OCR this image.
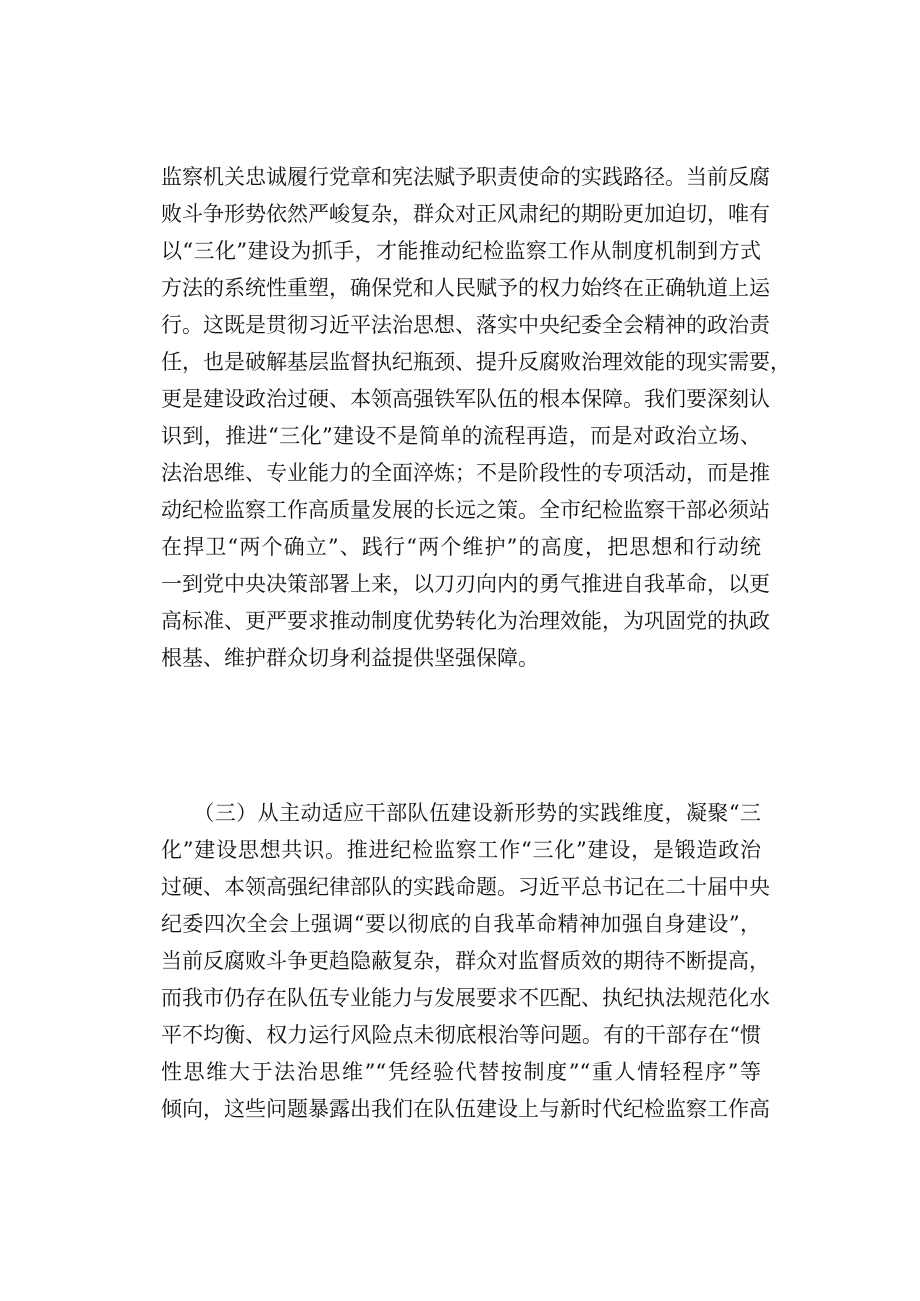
监察机关忠诚履行党章和宪法赋予职责使命的实践路径。当前反腐
败斗争形势依然严峻复杂，群众对正风肃纪的期盼更加迫切，唯有
以“三化”建设为抓手，才能推动纪检监察工作从制度机制到方式
方法的系统性重塑，确保党和人民赋予的权力始终在正确轨道上运
行。这既是贯彻习近平法治思想、落实中央纪委全会精神的政治责
任，也是破解基层监督执纪瓶颈、提升反腐败治理效能的现实需要，
更是建设政治过硬、本领高强铁军队伍的根本保障。我们要深刻认
识到，推进“三化”建设不是简单的流程再造，而是对政治立场、
法治思维、专业能力的全面淬炼；不是阶段性的专项活动，而是推
动纪检监察工作高质量发展的长远之策。全市纪检监察干部必须站
在捍卫“两个确立”、践行“两个维护”的高度，把思想和行动统
一到党中央决策部署上来，以刀刃向内的勇气推进自我革命，以更
高标准、更严要求推动制度优势转化为治理效能，为巩固党的执政
根基、维护群众切身利益提供坚强保障。
　　（三）从主动适应干部队伍建设新形势的实践维度，凝聚“三
化”建设思想共识。推进纪检监察工作“三化”建设，是锻造政治
过硬、本领高强纪律部队的实践命题。习近平总书记在二十届中央
纪委四次全会上强调“要以彻底的自我革命精神加强自身建设”，
当前反腐败斗争更趋隐蔽复杂，群众对监督质效的期待不断提高，
而我市仍存在队伍专业能力与发展要求不匹配、执纪执法规范化水
平不均衡、权力运行风险点未彻底根治等问题。有的干部存在“惯
性思维大于法治思维”“凭经验代替按制度”“重人情轻程序”等
倾向，这些问题暴露出我们在队伍建设上与新时代纪检监察工作高
